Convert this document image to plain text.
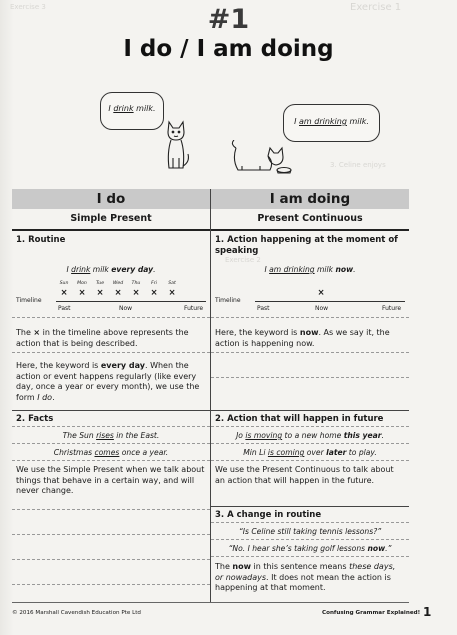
Exercise 3	Exercise 1
Exercise 2
3. Celine enjoys
#1
I do / I am doing
I drink milk.
I am drinking milk.
I do	I am doing
Simple Present	Present Continuous
1. Routine
I drink milk every day.
Timeline
Sun	Mon	Tue	Wed	Thu	Fri	Sat
× × × × × × ×
Past	Now	Future
The × in the timeline above represents the action that is being described.
Here, the keyword is every day. When the action or event happens regularly (like every day, once a year or every month), we use the form I do.
2. Facts
The Sun rises in the East.
Christmas comes once a year.
We use the Simple Present when we talk about things that behave in a certain way, and will never change.
1. Action happening at the moment of speaking
I am drinking milk now.
Timeline
×
Past	Now	Future
Here, the keyword is now. As we say it, the action is happening now.
2. Action that will happen in future
Jo is moving to a new home this year.
Min Li is coming over later to play.
We use the Present Continuous to talk about an action that will happen in the future.
3. A change in routine
“Is Celine still taking tennis lessons?”
“No. I hear she’s taking golf lessons now.”
The now in this sentence means these days, or nowadays. It does not mean the action is happening at that moment.
© 2016 Marshall Cavendish Education Pte Ltd	Confusing Grammar Explained! 1
